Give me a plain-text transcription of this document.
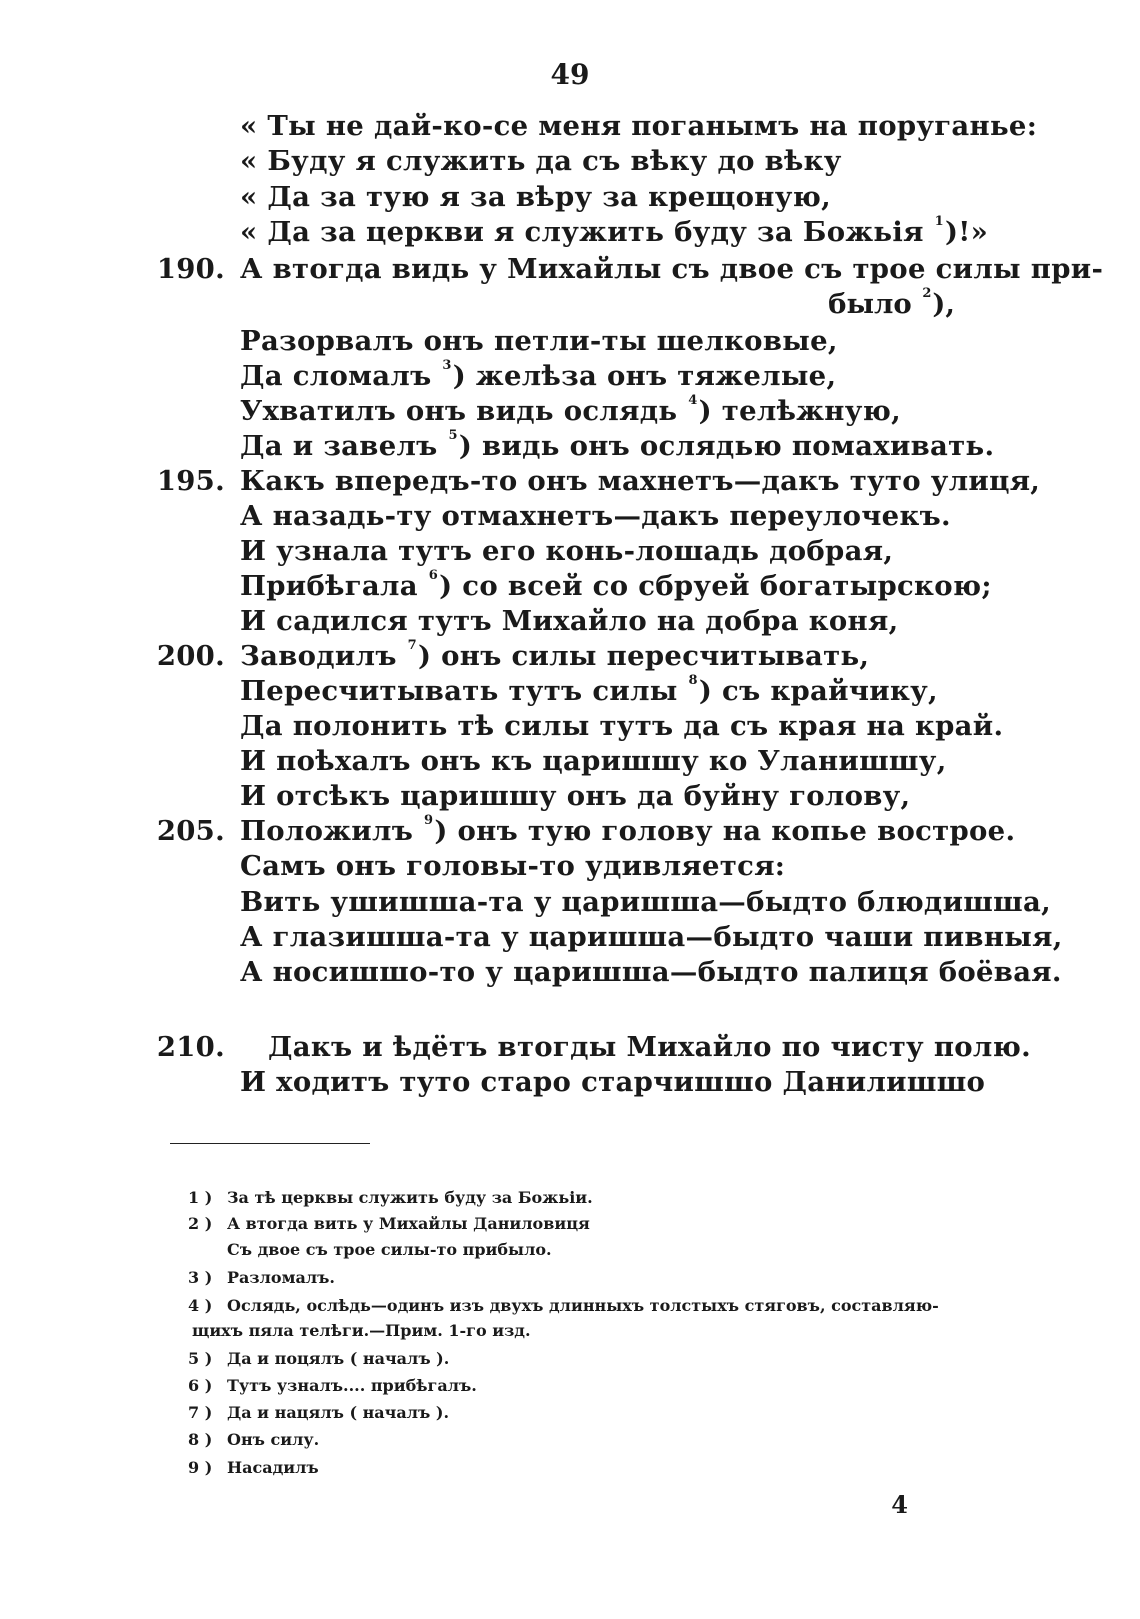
49
« Ты не дай-ко-се меня поганымъ на поруганье:
« Буду я служить да съ вѣку до вѣку
« Да за тую я за вѣру за крещоную,
« Да за церкви я служить буду за Божьiя $^1$)!»
190. А втогда видь у Михайлы съ двое съ трое силы при-
было $^2$),
Разорвалъ онъ петли-ты шелковые,
Да сломалъ $^3$) желѣза онъ тяжелые,
Ухватилъ онъ видь ослядь $^4$) телѣжную,
Да и завелъ $^5$) видь онъ ослядью помахивать.
195. Какъ впередъ-то онъ махнетъ—дакъ туто улиця,
А назадь-ту отмахнетъ—дакъ переулочекъ.
И узнала тутъ его конь-лошадь добрая,
Прибѣгала $^6$) со всей со сбруей богатырскою;
И садился тутъ Михайло на добра коня,
200. Заводилъ $^7$) онъ силы пересчитывать,
Пересчитывать тутъ силы $^8$) съ крайчику,
Да полонить тѣ силы тутъ да съ края на край.
И поѣхалъ онъ къ царишшу ко Уланишшу,
И отсѣкъ царишшу онъ да буйну голову,
205. Положилъ $^9$) онъ тую голову на копье вострое.
Самъ онъ головы-то удивляется:
Вить ушишша-та у царишша—быдто блюдишша,
А глазишша-та у царишша—быдто чаши пивныя,
А носишшо-то у царишша—быдто палиця боёвая.
210. Дакъ и ѣдётъ втогды Михайло по чисту полю.
И ходитъ туто старо старчишшо Данилишшо
1 ) За тѣ церквы служить буду за Божьiи.
2 ) А втогда вить у Михайлы Даниловиця
Съ двое съ трое силы-то прибыло.
3 ) Разломалъ.
4 ) Ослядь, ослѣдь—одинъ изъ двухъ длинныхъ толстыхъ стяговъ, составляю-
щихъ пяла телѣги.—Прим. 1-го изд.
5 ) Да и поцялъ ( началъ ).
6 ) Тутъ узналъ.... прибѣгалъ.
7 ) Да и нацялъ ( началъ ).
8 ) Онъ силу.
9 ) Насадилъ
4
